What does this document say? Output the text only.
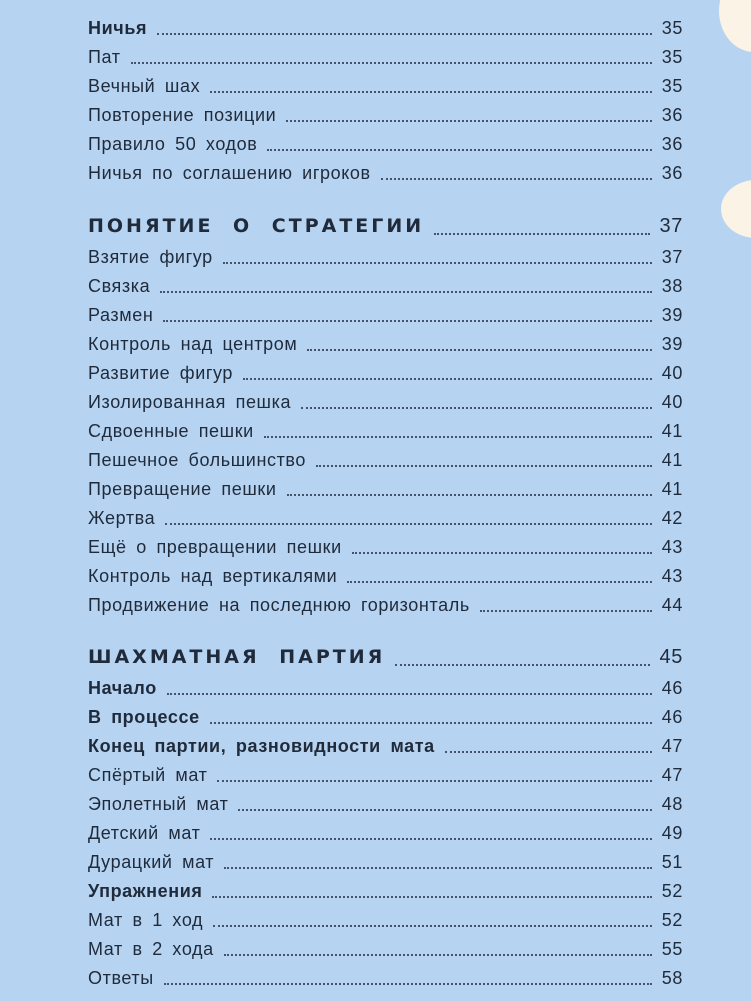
Ничья	35
Пат	35
Вечный шах	35
Повторение позиции	36
Правило 50 ходов	36
Ничья по соглашению игроков	36
ПОНЯТИЕ О СТРАТЕГИИ	37
Взятие фигур	37
Связка	38
Размен	39
Контроль над центром	39
Развитие фигур	40
Изолированная пешка	40
Сдвоенные пешки	41
Пешечное большинство	41
Превращение пешки	41
Жертва	42
Ещё о превращении пешки	43
Контроль над вертикалями	43
Продвижение на последнюю горизонталь	44
ШАХМАТНАЯ ПАРТИЯ	45
Начало	46
В процессе	46
Конец партии, разновидности мата	47
Спёртый мат	47
Эполетный мат	48
Детский мат	49
Дурацкий мат	51
Упражнения	52
Мат в 1 ход	52
Мат в 2 хода	55
Ответы	58
